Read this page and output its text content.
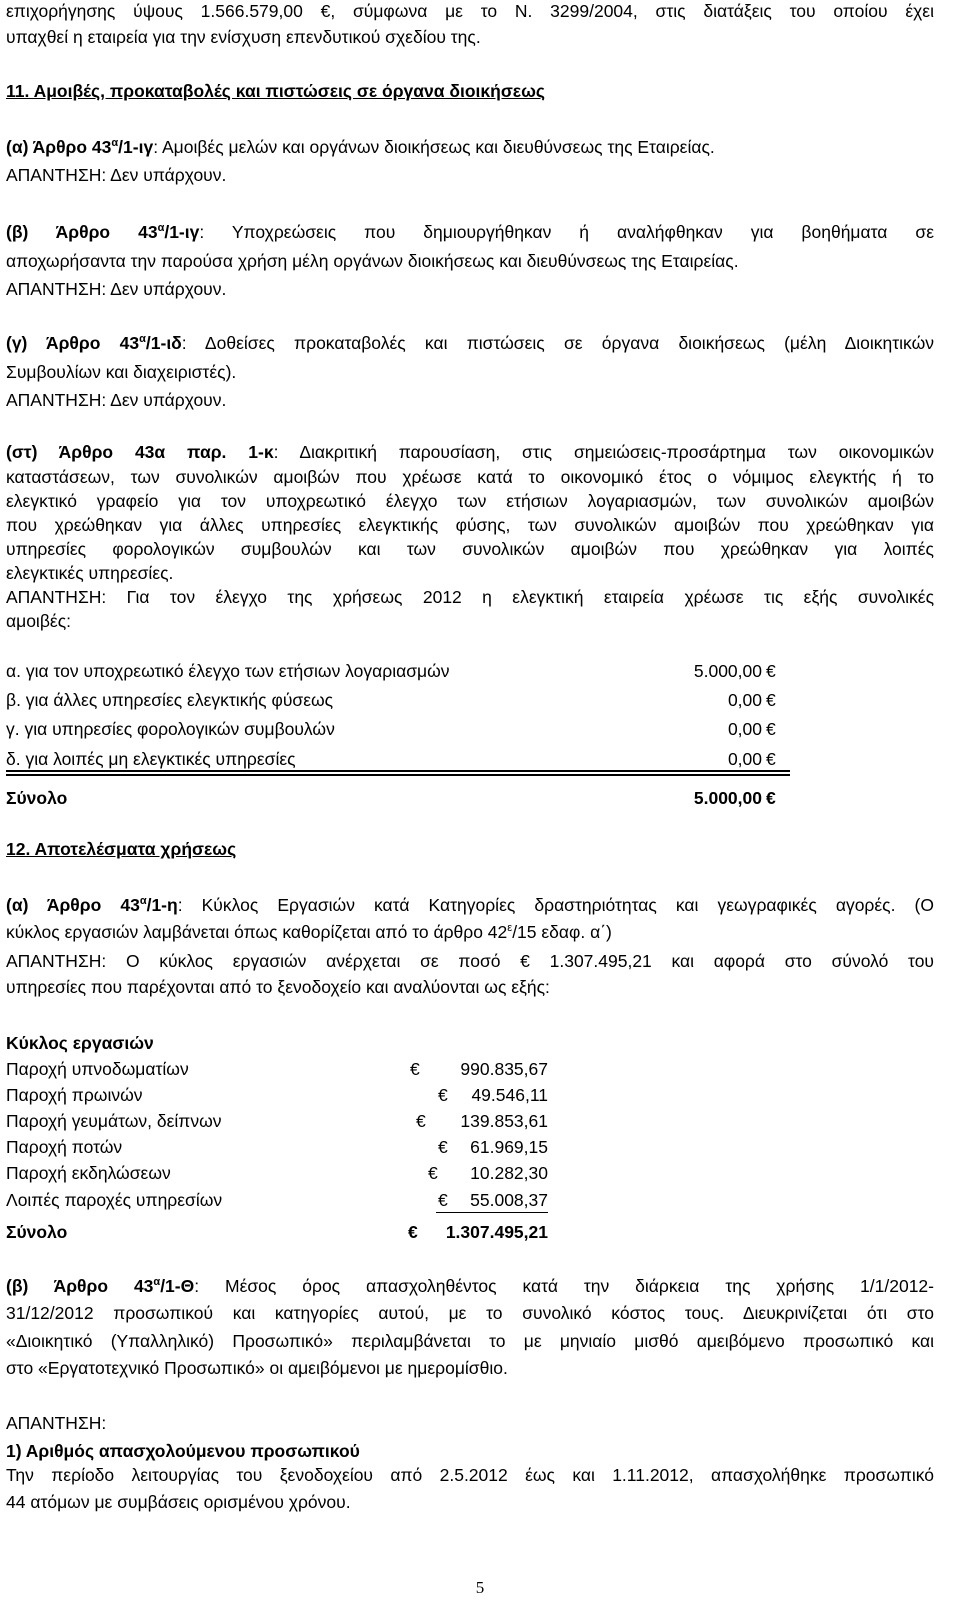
επιχορήγησης ύψους 1.566.579,00 €, σύμφωνα με το Ν. 3299/2004, στις διατάξεις του οποίου έχει
υπαχθεί η εταιρεία για την ενίσχυση επενδυτικού σχεδίου της.
11. Αμοιβές, προκαταβολές και πιστώσεις σε όργανα διοικήσεως
(α) Άρθρο $43^\alpha/1-\iota\gamma$: Αμοιβές μελών και οργάνων διοικήσεως και διευθύνσεως της Εταιρείας.
ΑΠΑΝΤΗΣΗ: Δεν υπάρχουν.
(β) Άρθρο $43^\alpha/1-\iota\gamma$: Υποχρεώσεις που δημιουργήθηκαν ή αναλήφθηκαν για βοηθήματα σε
αποχωρήσαντα την παρούσα χρήση μέλη οργάνων διοικήσεως και διευθύνσεως της Εταιρείας.
ΑΠΑΝΤΗΣΗ: Δεν υπάρχουν.
(γ) Άρθρο $43^\alpha/1-\iota\delta$: Δοθείσες προκαταβολές και πιστώσεις σε όργανα διοικήσεως (μέλη Διοικητικών
Συμβουλίων και διαχειριστές).
ΑΠΑΝΤΗΣΗ: Δεν υπάρχουν.
(στ) Άρθρο 43α παρ. 1-κ: Διακριτική παρουσίαση, στις σημειώσεις-προσάρτημα των οικονομικών
καταστάσεων, των συνολικών αμοιβών που χρέωσε κατά το οικονομικό έτος ο νόμιμος ελεγκτής ή το
ελεγκτικό γραφείο για τον υποχρεωτικό έλεγχο των ετήσιων λογαριασμών, των συνολικών αμοιβών
που χρεώθηκαν για άλλες υπηρεσίες ελεγκτικής φύσης, των συνολικών αμοιβών που χρεώθηκαν για
υπηρεσίες φορολογικών συμβουλών και των συνολικών αμοιβών που χρεώθηκαν για λοιπές
ελεγκτικές υπηρεσίες.
ΑΠΑΝΤΗΣΗ: Για τον έλεγχο της χρήσεως 2012 η ελεγκτική εταιρεία χρέωσε τις εξής συνολικές
αμοιβές:
α. για τον υποχρεωτικό έλεγχο των ετήσιων λογαριασμών	5.000,00 €
β. για άλλες υπηρεσίες ελεγκτικής φύσεως	0,00 €
γ. για υπηρεσίες φορολογικών συμβουλών	0,00 €
δ. για λοιπές μη ελεγκτικές υπηρεσίες	0,00 €
Σύνολο	5.000,00 €
12. Αποτελέσματα χρήσεως
(α) Άρθρο $43^\alpha/1-\eta$: Κύκλος Εργασιών κατά Κατηγορίες δραστηριότητας και γεωγραφικές αγορές. (Ο
κύκλος εργασιών λαμβάνεται όπως καθορίζεται από το άρθρο $42^\varepsilon/15$ εδαφ. α΄)
ΑΠΑΝΤΗΣΗ: Ο κύκλος εργασιών ανέρχεται σε ποσό € 1.307.495,21 και αφορά στο σύνολό του
υπηρεσίες που παρέχονται από το ξενοδοχείο και αναλύονται ως εξής:
Κύκλος εργασιών
Παροχή υπνοδωματίων	€	990.835,67
Παροχή πρωινών	€	49.546,11
Παροχή γευμάτων, δείπνων	€	139.853,61
Παροχή ποτών	€	61.969,15
Παροχή εκδηλώσεων	€	10.282,30
Λοιπές παροχές υπηρεσίων	€	55.008,37
Σύνολο	€	1.307.495,21
(β) Άρθρο $43^\alpha/1-\Theta$: Μέσος όρος απασχοληθέντος κατά την διάρκεια της χρήσης 1/1/2012-
31/12/2012 προσωπικού και κατηγορίες αυτού, με το συνολικό κόστος τους. Διευκρινίζεται ότι στο
«Διοικητικό (Υπαλληλικό) Προσωπικό» περιλαμβάνεται το με μηνιαίο μισθό αμειβόμενο προσωπικό και
στο «Εργατοτεχνικό Προσωπικό» οι αμειβόμενοι με ημερομίσθιο.
ΑΠΑΝΤΗΣΗ:
1) Αριθμός απασχολούμενου προσωπικού
Την περίοδο λειτουργίας του ξενοδοχείου από 2.5.2012 έως και 1.11.2012, απασχολήθηκε προσωπικό
44 ατόμων με συμβάσεις ορισμένου χρόνου.
5
